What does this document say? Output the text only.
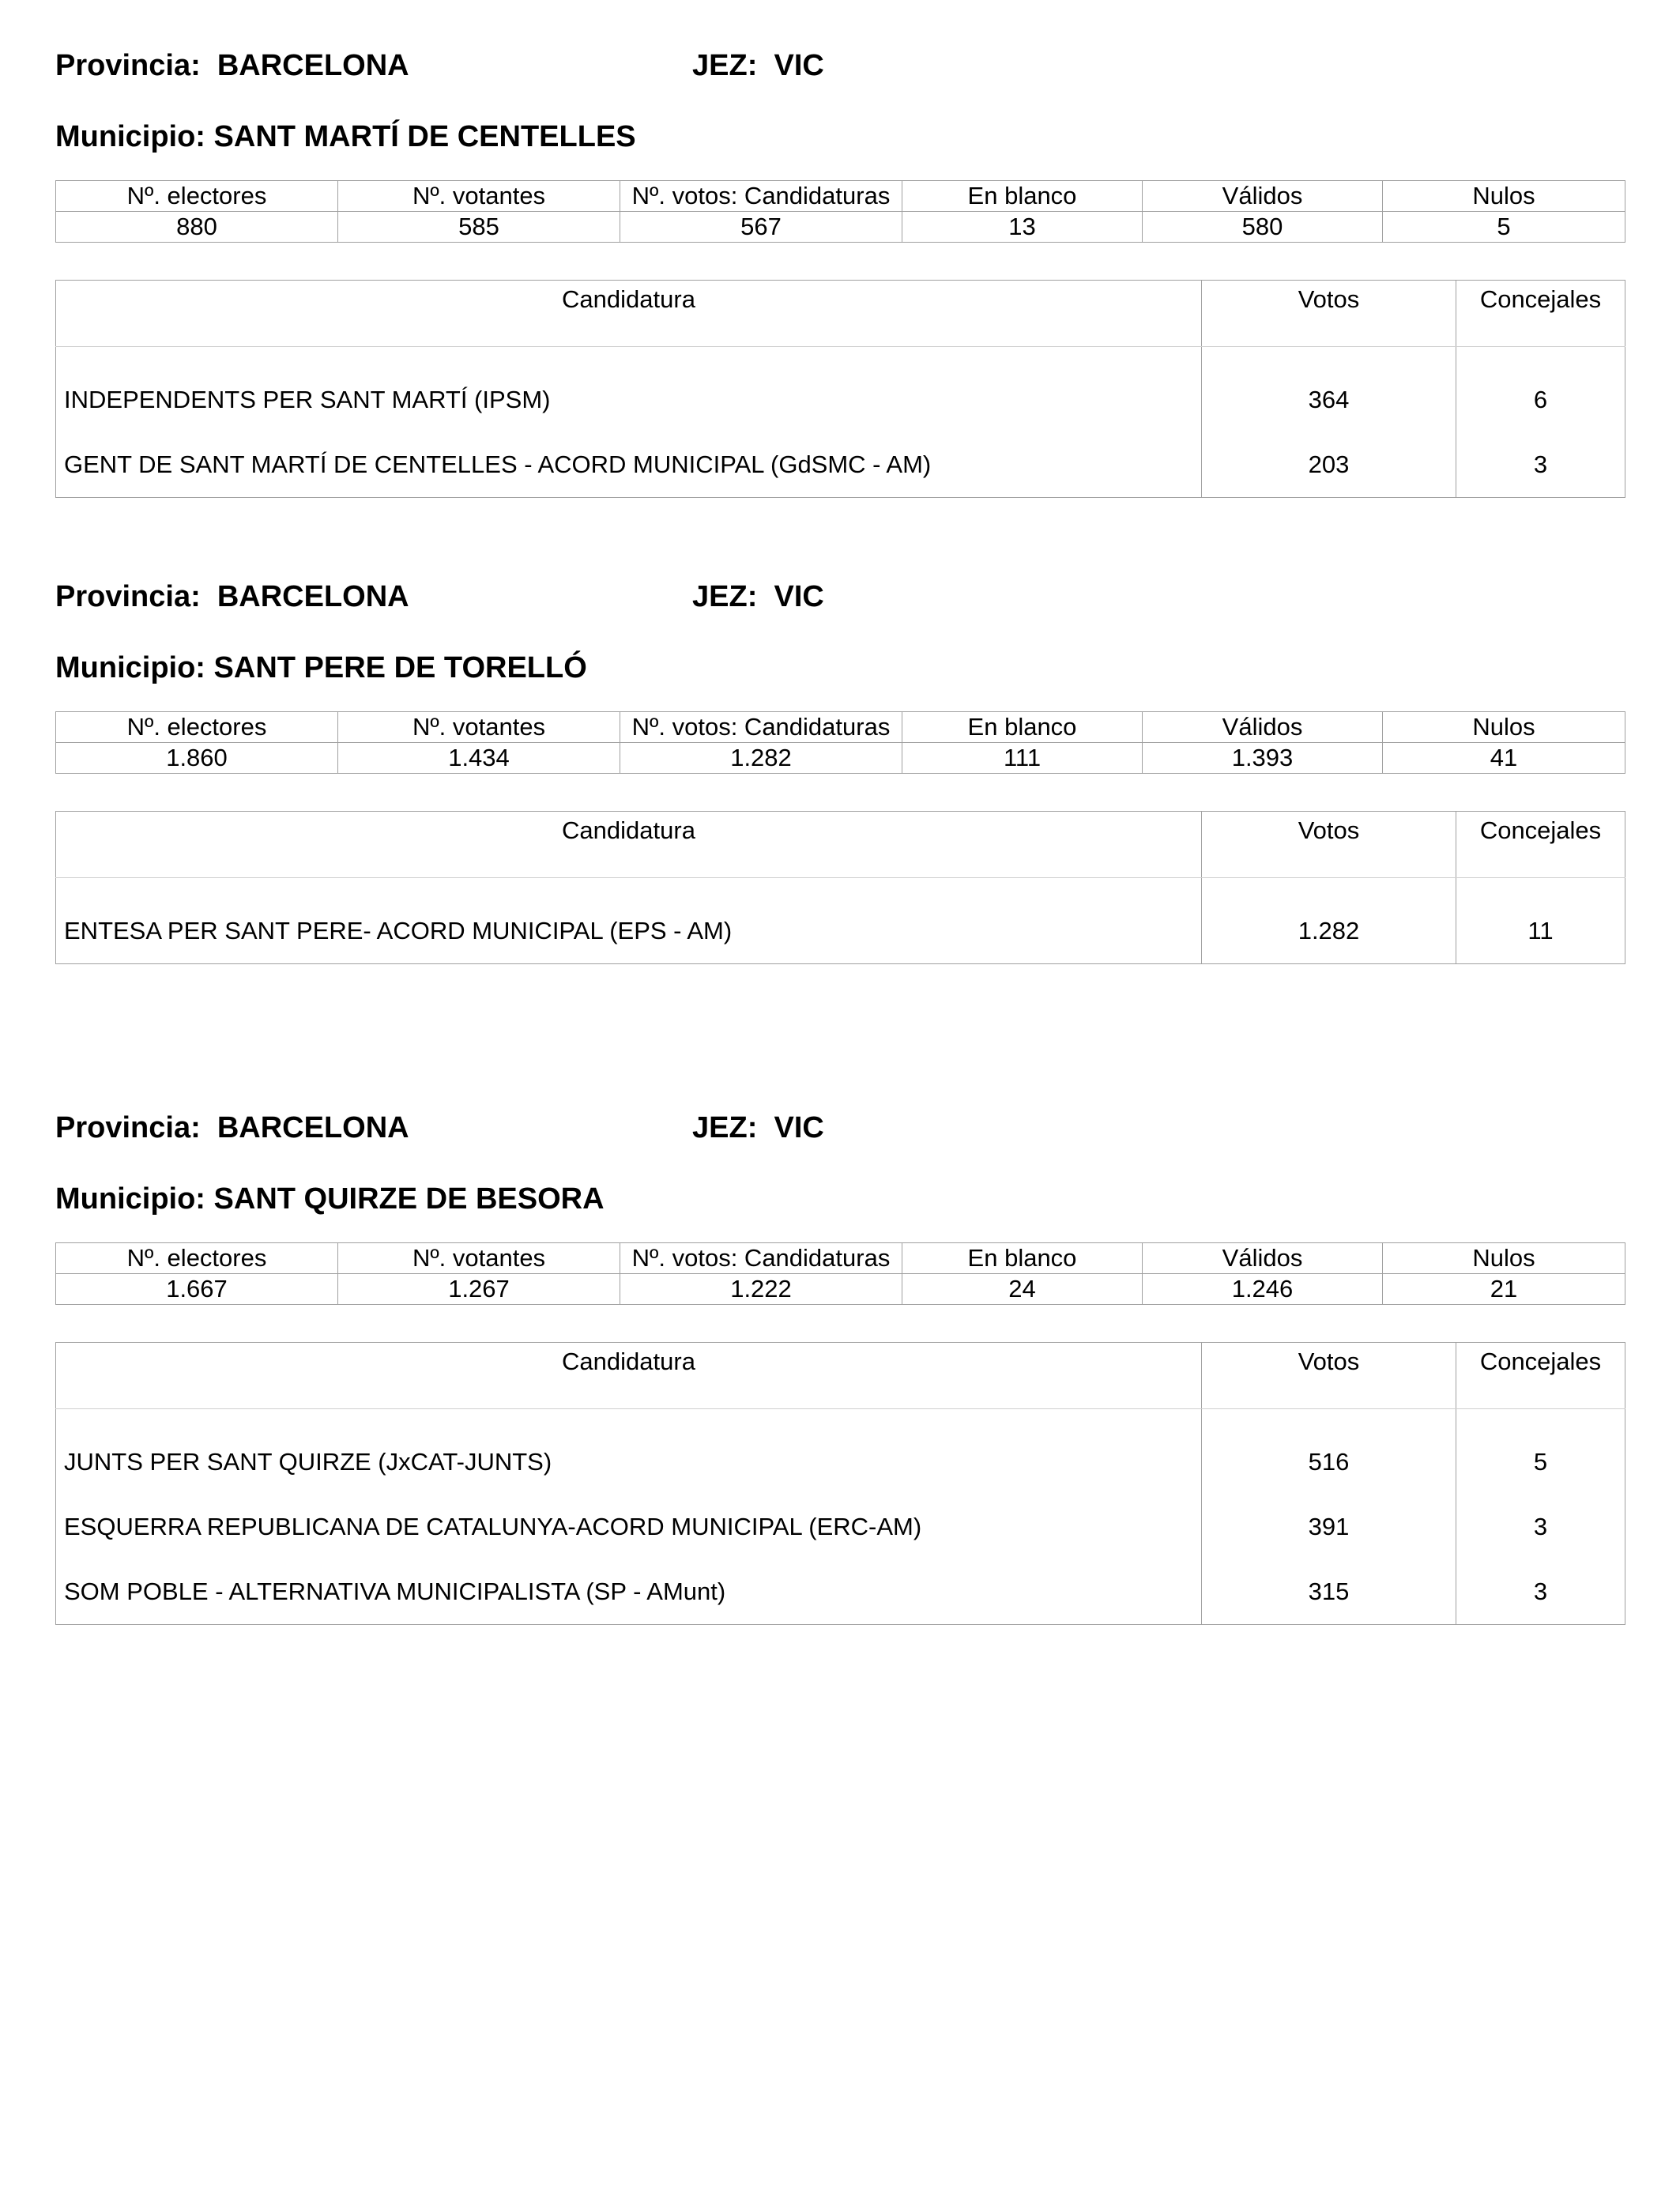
Provincia: BARCELONA	JEZ: VIC
Municipio: SANT MARTÍ DE CENTELLES
Nº. electores	Nº. votantes	Nº. votos: Candidaturas	En blanco	Válidos	Nulos
880	585	567	13	580	5
Candidatura	Votos	Concejales
INDEPENDENTS PER SANT MARTÍ (IPSM)	364	6
GENT DE SANT MARTÍ DE CENTELLES - ACORD MUNICIPAL (GdSMC - AM)	203	3
Provincia: BARCELONA	JEZ: VIC
Municipio: SANT PERE DE TORELLÓ
Nº. electores	Nº. votantes	Nº. votos: Candidaturas	En blanco	Válidos	Nulos
1.860	1.434	1.282	111	1.393	41
Candidatura	Votos	Concejales
ENTESA PER SANT PERE- ACORD MUNICIPAL (EPS - AM)	1.282	11
Provincia: BARCELONA	JEZ: VIC
Municipio: SANT QUIRZE DE BESORA
Nº. electores	Nº. votantes	Nº. votos: Candidaturas	En blanco	Válidos	Nulos
1.667	1.267	1.222	24	1.246	21
Candidatura	Votos	Concejales
JUNTS PER SANT QUIRZE (JxCAT-JUNTS)	516	5
ESQUERRA REPUBLICANA DE CATALUNYA-ACORD MUNICIPAL (ERC-AM)	391	3
SOM POBLE - ALTERNATIVA MUNICIPALISTA (SP - AMunt)	315	3
